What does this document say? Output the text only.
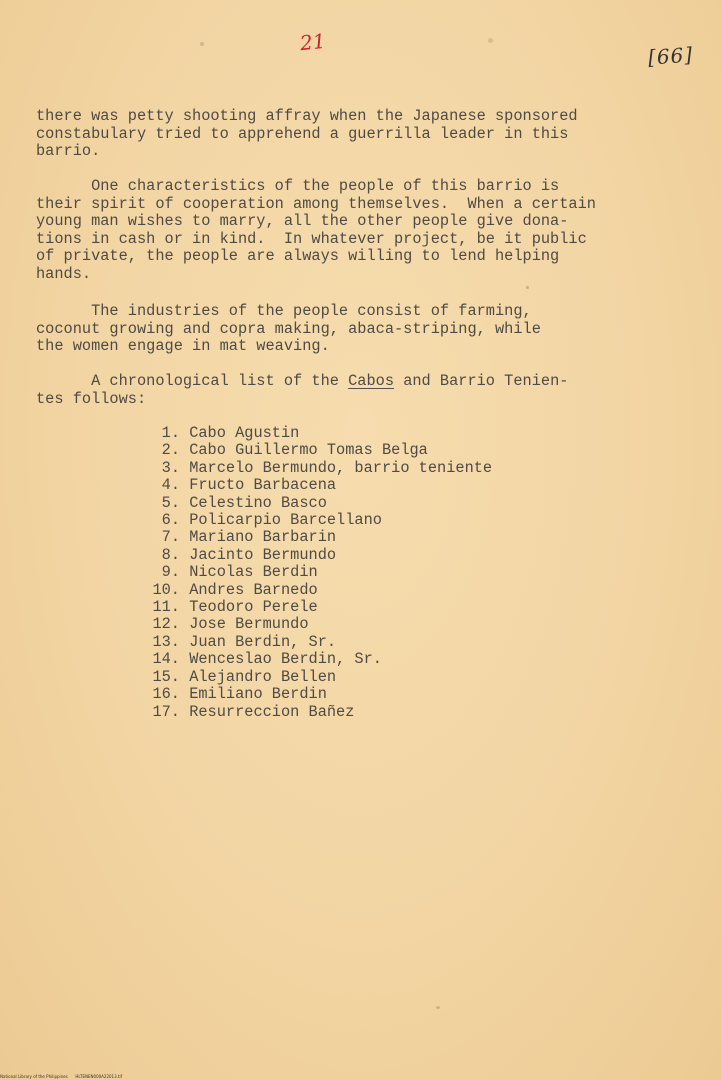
21
[66]

there was petty shooting affray when the Japanese sponsored
constabulary tried to apprehend a guerrilla leader in this
barrio.

One characteristics of the people of this barrio is
their spirit of cooperation among themselves.  When a certain
young man wishes to marry, all the other people give dona-
tions in cash or in kind.  In whatever project, be it public
of private, the people are always willing to lend helping
hands.

The industries of the people consist of farming,
coconut growing and copra making, abaca-striping, while
the women engage in mat weaving.

A chronological list of the Cabos and Barrio Tenien-
tes follows:

1. Cabo Agustin
2. Cabo Guillermo Tomas Belga
3. Marcelo Bermundo, barrio teniente
4. Fructo Barbacena
5. Celestino Basco
6. Policarpio Barcellano
7. Mariano Barbarin
8. Jacinto Bermundo
9. Nicolas Berdin
10. Andres Barnedo
11. Teodoro Perele
12. Jose Bermundo
13. Juan Berdin, Sr.
14. Wenceslao Berdin, Sr.
15. Alejandro Bellen
16. Emiliano Berdin
17. Resurreccion Bañez
National Library of the Philippines HLTENEN000A22013.tif
